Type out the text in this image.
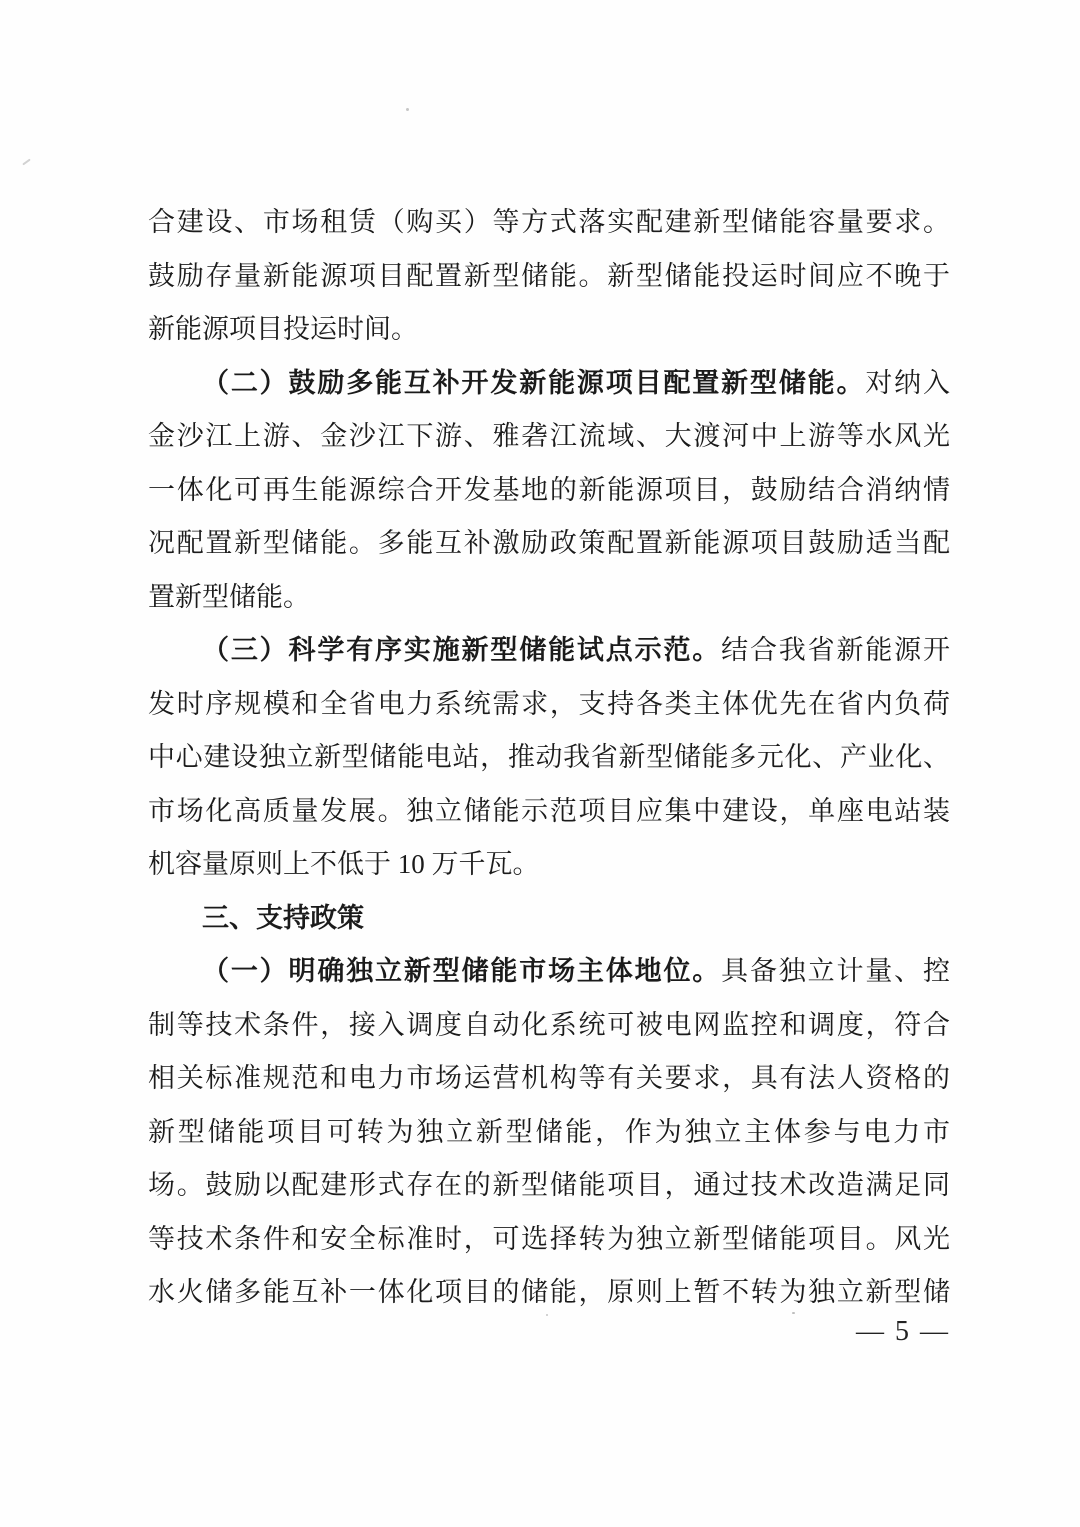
合建设、市场租赁（购买）等方式落实配建新型储能容量要求。
鼓励存量新能源项目配置新型储能。新型储能投运时间应不晚于
新能源项目投运时间。
（二）鼓励多能互补开发新能源项目配置新型储能。对纳入
金沙江上游、金沙江下游、雅砻江流域、大渡河中上游等水风光
一体化可再生能源综合开发基地的新能源项目，鼓励结合消纳情
况配置新型储能。多能互补激励政策配置新能源项目鼓励适当配
置新型储能。
（三）科学有序实施新型储能试点示范。结合我省新能源开
发时序规模和全省电力系统需求，支持各类主体优先在省内负荷
中心建设独立新型储能电站，推动我省新型储能多元化、产业化、
市场化高质量发展。独立储能示范项目应集中建设，单座电站装
机容量原则上不低于 10 万千瓦。
三、支持政策
（一）明确独立新型储能市场主体地位。具备独立计量、控
制等技术条件，接入调度自动化系统可被电网监控和调度，符合
相关标准规范和电力市场运营机构等有关要求，具有法人资格的
新型储能项目可转为独立新型储能，作为独立主体参与电力市
场。鼓励以配建形式存在的新型储能项目，通过技术改造满足同
等技术条件和安全标准时，可选择转为独立新型储能项目。风光
水火储多能互补一体化项目的储能，原则上暂不转为独立新型储
— 5 —
